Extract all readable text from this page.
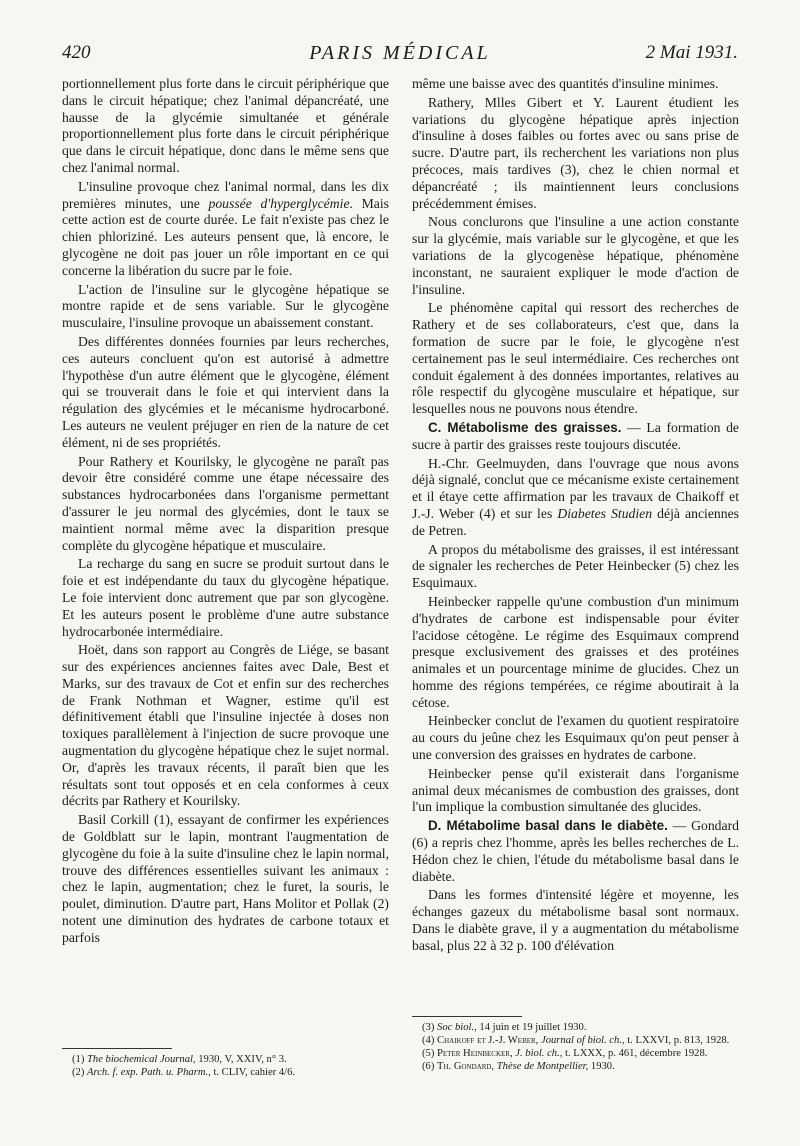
420	PARIS MÉDICAL	2 Mai 1931.

portionnellement plus forte dans le circuit périphérique que dans le circuit hépatique; chez l'animal dépancréaté, une hausse de la glycémie simultanée et générale proportionnellement plus forte dans le circuit périphérique que dans le circuit hépatique, donc dans le même sens que chez l'animal normal.

L'insuline provoque chez l'animal normal, dans les dix premières minutes, une poussée d'hyperglycémie. Mais cette action est de courte durée. Le fait n'existe pas chez le chien phloriziné. Les auteurs pensent que, là encore, le glycogène ne doit pas jouer un rôle important en ce qui concerne la libération du sucre par le foie.

L'action de l'insuline sur le glycogène hépatique se montre rapide et de sens variable. Sur le glycogène musculaire, l'insuline provoque un abaissement constant.

Des différentes données fournies par leurs recherches, ces auteurs concluent qu'on est autorisé à admettre l'hypothèse d'un autre élément que le glycogène, élément qui se trouverait dans le foie et qui intervient dans la régulation des glycémies et le mécanisme hydrocarboné. Les auteurs ne veulent préjuger en rien de la nature de cet élément, ni de ses propriétés.

Pour Rathery et Kourilsky, le glycogène ne paraît pas devoir être considéré comme une étape nécessaire des substances hydrocarbonées dans l'organisme permettant d'assurer le jeu normal des glycémies, dont le taux se maintient normal même avec la disparition presque complète du glycogène hépatique et musculaire.

La recharge du sang en sucre se produit surtout dans le foie et est indépendante du taux du glycogène hépatique. Le foie intervient donc autrement que par son glycogène. Et les auteurs posent le problème d'une autre substance hydrocarbonée intermédiaire.

Hoët, dans son rapport au Congrès de Liége, se basant sur des expériences anciennes faites avec Dale, Best et Marks, sur des travaux de Cot et enfin sur des recherches de Frank Nothman et Wagner, estime qu'il est définitivement établi que l'insuline injectée à doses non toxiques parallèlement à l'injection de sucre provoque une augmentation du glycogène hépatique chez le sujet normal. Or, d'après les travaux récents, il paraît bien que les résultats sont tout opposés et en cela conformes à ceux décrits par Rathery et Kourilsky.

Basil Corkill (1), essayant de confirmer les expériences de Goldblatt sur le lapin, montrant l'augmentation de glycogène du foie à la suite d'insuline chez le lapin normal, trouve des différences essentielles suivant les animaux : chez le lapin, augmentation; chez le furet, la souris, le poulet, diminution. D'autre part, Hans Molitor et Pollak (2) notent une diminution des hydrates de carbone totaux et parfois

(1) The biochemical Journal, 1930, V, XXIV, n° 3.

(2) Arch. f. exp. Path. u. Pharm., t. CLIV, cahier 4/6.

même une baisse avec des quantités d'insuline minimes.

Rathery, Mlles Gibert et Y. Laurent étudient les variations du glycogène hépatique après injection d'insuline à doses faibles ou fortes avec ou sans prise de sucre. D'autre part, ils recherchent les variations non plus précoces, mais tardives (3), chez le chien normal et dépancréaté ; ils maintiennent leurs conclusions précédemment émises.

Nous conclurons que l'insuline a une action constante sur la glycémie, mais variable sur le glycogène, et que les variations de la glycogenèse hépatique, phénomène inconstant, ne sauraient expliquer le mode d'action de l'insuline.

Le phénomène capital qui ressort des recherches de Rathery et de ses collaborateurs, c'est que, dans la formation de sucre par le foie, le glycogène n'est certainement pas le seul intermédiaire. Ces recherches ont conduit également à des données importantes, relatives au rôle respectif du glycogène musculaire et hépatique, sur lesquelles nous ne pouvons nous étendre.

C. Métabolisme des graisses. — La formation de sucre à partir des graisses reste toujours discutée.

H.-Chr. Geelmuyden, dans l'ouvrage que nous avons déjà signalé, conclut que ce mécanisme existe certainement et il étaye cette affirmation par les travaux de Chaikoff et J.-J. Weber (4) et sur les Diabetes Studien déjà anciennes de Petren.

A propos du métabolisme des graisses, il est intéressant de signaler les recherches de Peter Heinbecker (5) chez les Esquimaux.

Heinbecker rappelle qu'une combustion d'un minimum d'hydrates de carbone est indispensable pour éviter l'acidose cétogène. Le régime des Esquimaux comprend presque exclusivement des graisses et des protéines animales et un pourcentage minime de glucides. Chez un homme des régions tempérées, ce régime aboutirait à la cétose.

Heinbecker conclut de l'examen du quotient respiratoire au cours du jeûne chez les Esquimaux qu'on peut penser à une conversion des graisses en hydrates de carbone.

Heinbecker pense qu'il existerait dans l'organisme animal deux mécanismes de combustion des graisses, dont l'un implique la combustion simultanée des glucides.

D. Métabolime basal dans le diabète. — Gondard (6) a repris chez l'homme, après les belles recherches de L. Hédon chez le chien, l'étude du métabolisme basal dans le diabète.

Dans les formes d'intensité légère et moyenne, les échanges gazeux du métabolisme basal sont normaux. Dans le diabète grave, il y a augmentation du métabolisme basal, plus 22 à 32 p. 100 d'élévation

(3) Soc biol., 14 juin et 19 juillet 1930.

(4) Chaikoff et J.-J. Weber, Journal of biol. ch., t. LXXVI, p. 813, 1928.

(5) Peter Heinbecker, J. biol. ch., t. LXXX, p. 461, décembre 1928.

(6) Th. Gondard, Thèse de Montpellier, 1930.
